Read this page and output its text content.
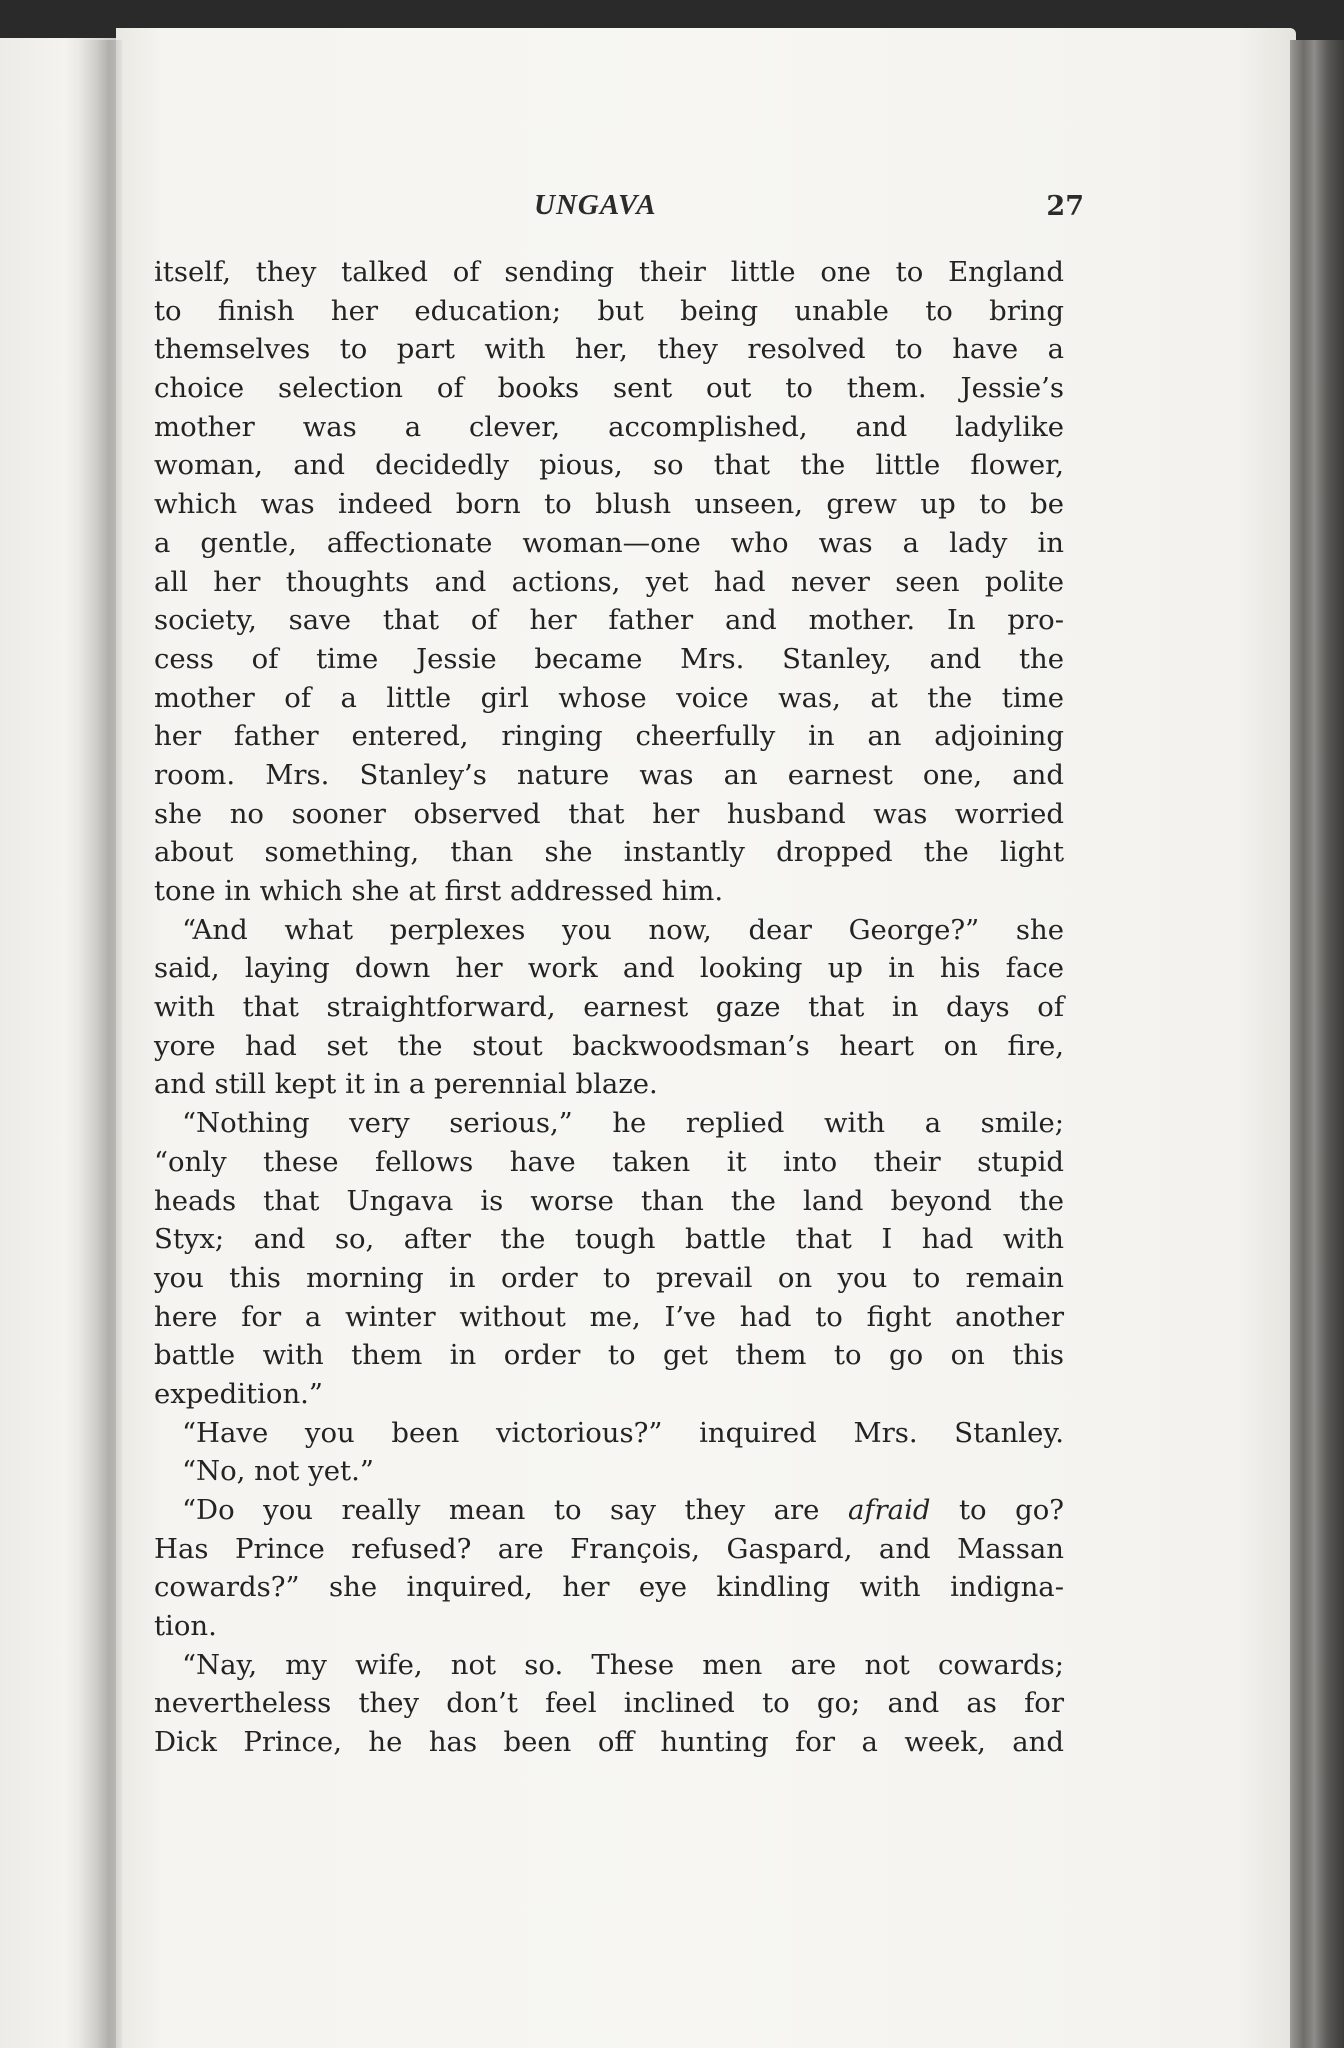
UNGAVA	27
itself, they talked of sending their little one to England
to finish her education; but being unable to bring
themselves to part with her, they resolved to have a
choice selection of books sent out to them. Jessie’s
mother was a clever, accomplished, and ladylike
woman, and decidedly pious, so that the little flower,
which was indeed born to blush unseen, grew up to be
a gentle, affectionate woman—one who was a lady in
all her thoughts and actions, yet had never seen polite
society, save that of her father and mother. In pro-
cess of time Jessie became Mrs. Stanley, and the
mother of a little girl whose voice was, at the time
her father entered, ringing cheerfully in an adjoining
room. Mrs. Stanley’s nature was an earnest one, and
she no sooner observed that her husband was worried
about something, than she instantly dropped the light
tone in which she at first addressed him.
“And what perplexes you now, dear George?” she
said, laying down her work and looking up in his face
with that straightforward, earnest gaze that in days of
yore had set the stout backwoodsman’s heart on fire,
and still kept it in a perennial blaze.
“Nothing very serious,” he replied with a smile;
“only these fellows have taken it into their stupid
heads that Ungava is worse than the land beyond the
Styx; and so, after the tough battle that I had with
you this morning in order to prevail on you to remain
here for a winter without me, I’ve had to fight another
battle with them in order to get them to go on this
expedition.”
“Have you been victorious?” inquired Mrs. Stanley.
“No, not yet.”
“Do you really mean to say they are afraid to go?
Has Prince refused? are François, Gaspard, and Massan
cowards?” she inquired, her eye kindling with indigna-
tion.
“Nay, my wife, not so. These men are not cowards;
nevertheless they don’t feel inclined to go; and as for
Dick Prince, he has been off hunting for a week, and
